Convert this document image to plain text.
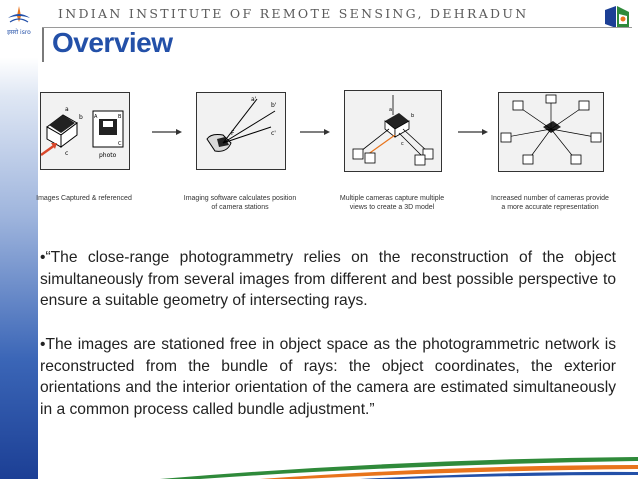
इसरो isro
INDIAN INSTITUTE OF REMOTE SENSING, DEHRADUN
Overview
a
b
c
A	B
C
photo
a'
b'
c'
F
a
b
c
Images Captured & referenced	Imaging software calculates position of camera stations
Multiple cameras capture multiple views to create a 3D model
Increased number of cameras provide a more accurate representation
•“The close-range photogrammetry relies on the reconstruction of the object simultaneously from several images from different and best possible perspective to ensure a suitable geometry of intersecting rays.
•The images are stationed free in object space as the photogrammetric network is reconstructed from the bundle of rays: the object coordinates, the exterior orientations and the interior orientation of the camera are estimated simultaneously in a common process called bundle adjustment.”
